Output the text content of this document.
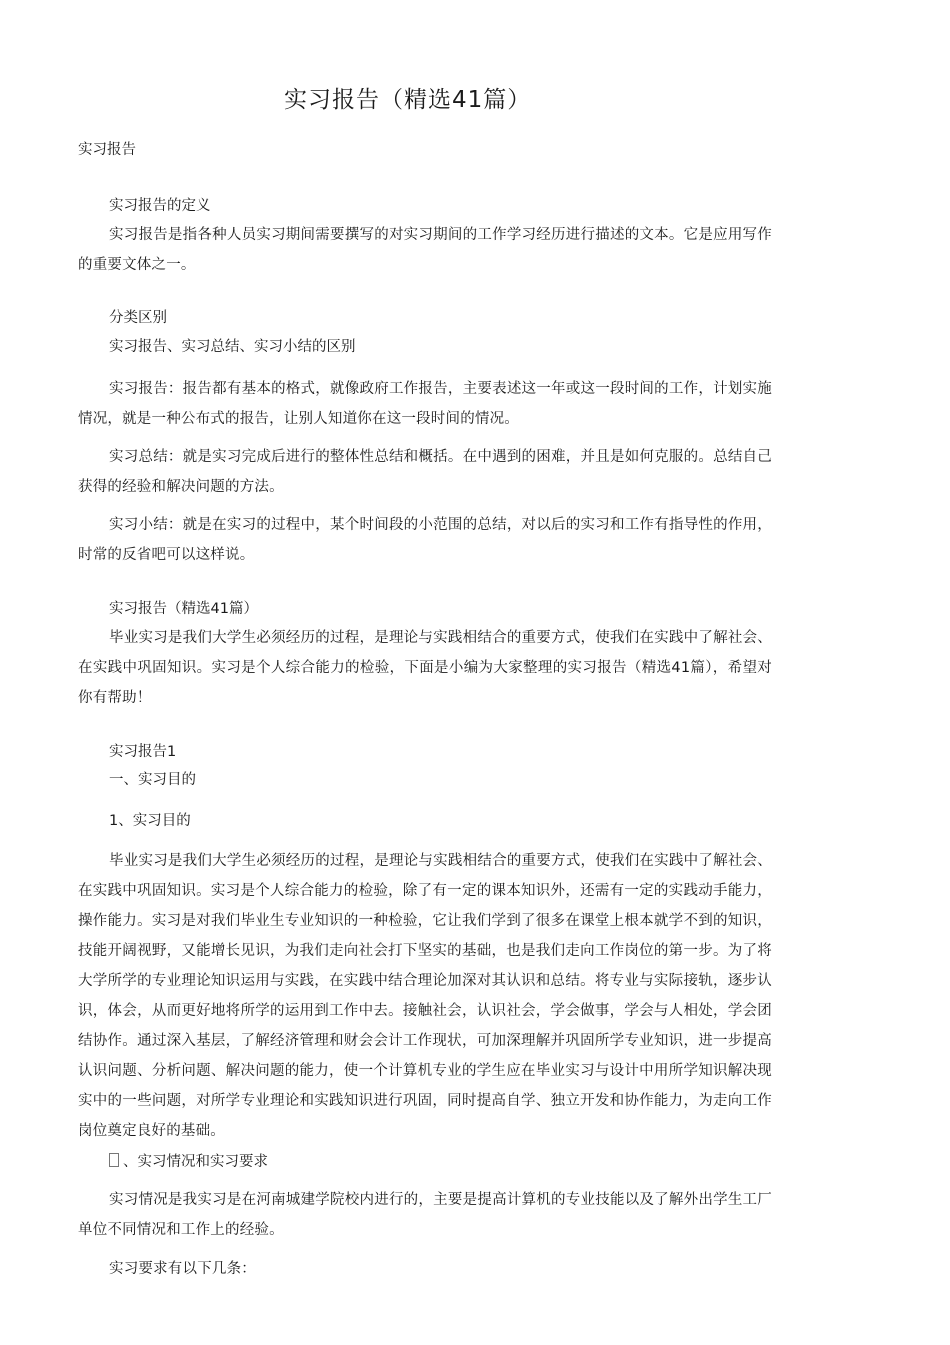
实习报告（精选41篇）
实习报告
实习报告的定义
实习报告是指各种人员实习期间需要撰写的对实习期间的工作学习经历进行描述的文本。它是应用写作的重要文体之一。
分类区别
实习报告、实习总结、实习小结的区别
实习报告：报告都有基本的格式，就像政府工作报告，主要表述这一年或这一段时间的工作，计划实施情况，就是一种公布式的报告，让别人知道你在这一段时间的情况。
实习总结：就是实习完成后进行的整体性总结和概括。在中遇到的困难，并且是如何克服的。总结自己获得的经验和解决问题的方法。
实习小结：就是在实习的过程中，某个时间段的小范围的总结，对以后的实习和工作有指导性的作用，时常的反省吧可以这样说。
实习报告（精选41篇）
毕业实习是我们大学生必须经历的过程，是理论与实践相结合的重要方式，使我们在实践中了解社会、在实践中巩固知识。实习是个人综合能力的检验，下面是小编为大家整理的实习报告（精选41篇），希望对你有帮助！
实习报告1
一、实习目的
1、实习目的
毕业实习是我们大学生必须经历的过程，是理论与实践相结合的重要方式，使我们在实践中了解社会、在实践中巩固知识。实习是个人综合能力的检验，除了有一定的课本知识外，还需有一定的实践动手能力，操作能力。实习是对我们毕业生专业知识的一种检验，它让我们学到了很多在课堂上根本就学不到的知识，技能开阔视野，又能增长见识，为我们走向社会打下坚实的基础，也是我们走向工作岗位的第一步。为了将大学所学的专业理论知识运用与实践，在实践中结合理论加深对其认识和总结。将专业与实际接轨，逐步认识，体会，从而更好地将所学的运用到工作中去。接触社会，认识社会，学会做事，学会与人相处，学会团结协作。通过深入基层，了解经济管理和财会会计工作现状，可加深理解并巩固所学专业知识，进一步提高认识问题、分析问题、解决问题的能力，使一个计算机专业的学生应在毕业实习与设计中用所学知识解决现实中的一些问题，对所学专业理论和实践知识进行巩固，同时提高自学、独立开发和协作能力，为走向工作岗位奠定良好的基础。
、实习情况和实习要求
实习情况是我实习是在河南城建学院校内进行的，主要是提高计算机的专业技能以及了解外出学生工厂单位不同情况和工作上的经验。
实习要求有以下几条：
